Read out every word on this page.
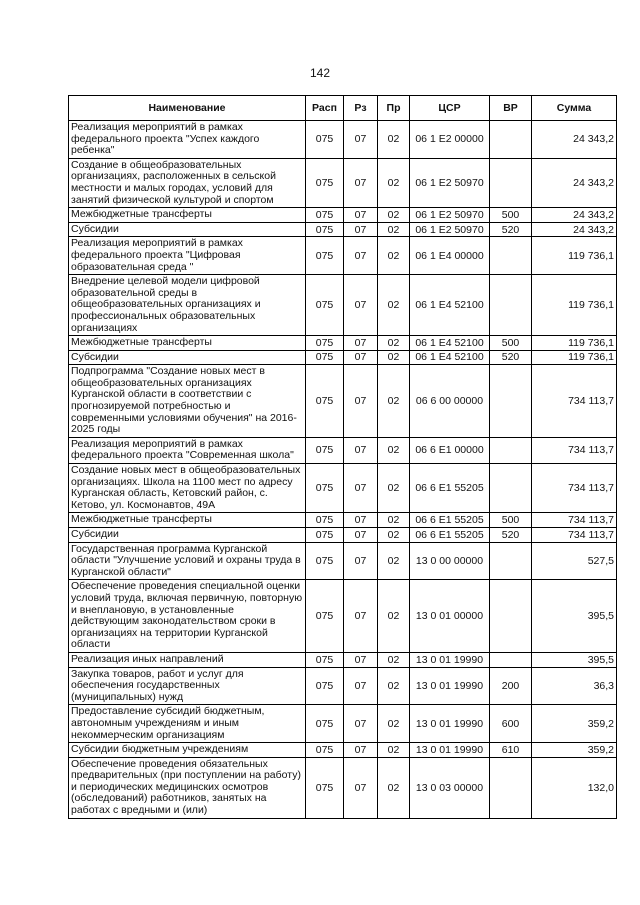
142
Наименование	Расп	Рз	Пр	ЦСР	ВР	Сумма
Реализация мероприятий в рамках федерального проекта "Успех каждого ребенка"	075	07	02	06 1 E2 00000		24 343,2
Создание в общеобразовательных организациях, расположенных в сельской местности и малых городах, условий для занятий физической культурой и спортом	075	07	02	06 1 E2 50970		24 343,2
Межбюджетные трансферты	075	07	02	06 1 E2 50970	500	24 343,2
Субсидии	075	07	02	06 1 E2 50970	520	24 343,2
Реализация мероприятий в рамках федерального проекта "Цифровая образовательная среда "	075	07	02	06 1 E4 00000		119 736,1
Внедрение целевой модели цифровой образовательной среды в общеобразовательных организациях и профессиональных образовательных организациях	075	07	02	06 1 E4 52100		119 736,1
Межбюджетные трансферты	075	07	02	06 1 E4 52100	500	119 736,1
Субсидии	075	07	02	06 1 E4 52100	520	119 736,1
Подпрограмма "Создание новых мест в общеобразовательных организациях Курганской области в соответствии с прогнозируемой потребностью и современными условиями обучения" на 2016-2025 годы	075	07	02	06 6 00 00000		734 113,7
Реализация мероприятий в рамках федерального проекта "Современная школа"	075	07	02	06 6 E1 00000		734 113,7
Создание новых мест в общеобразовательных организациях. Школа на 1100 мест по адресу Курганская область, Кетовский район, с. Кетово, ул. Космонавтов, 49А	075	07	02	06 6 E1 55205		734 113,7
Межбюджетные трансферты	075	07	02	06 6 E1 55205	500	734 113,7
Субсидии	075	07	02	06 6 E1 55205	520	734 113,7
Государственная программа Курганской области "Улучшение условий и охраны труда в Курганской области"	075	07	02	13 0 00 00000		527,5
Обеспечение проведения специальной оценки условий труда, включая первичную, повторную и внеплановую, в установленные действующим законодательством сроки в организациях на территории Курганской области	075	07	02	13 0 01 00000		395,5
Реализация иных направлений	075	07	02	13 0 01 19990		395,5
Закупка товаров, работ и услуг для обеспечения государственных (муниципальных) нужд	075	07	02	13 0 01 19990	200	36,3
Предоставление субсидий бюджетным, автономным учреждениям и иным некоммерческим организациям	075	07	02	13 0 01 19990	600	359,2
Субсидии бюджетным учреждениям	075	07	02	13 0 01 19990	610	359,2
Обеспечение проведения обязательных предварительных (при поступлении на работу) и периодических медицинских осмотров (обследований) работников, занятых на работах с вредными и (или)	075	07	02	13 0 03 00000		132,0
